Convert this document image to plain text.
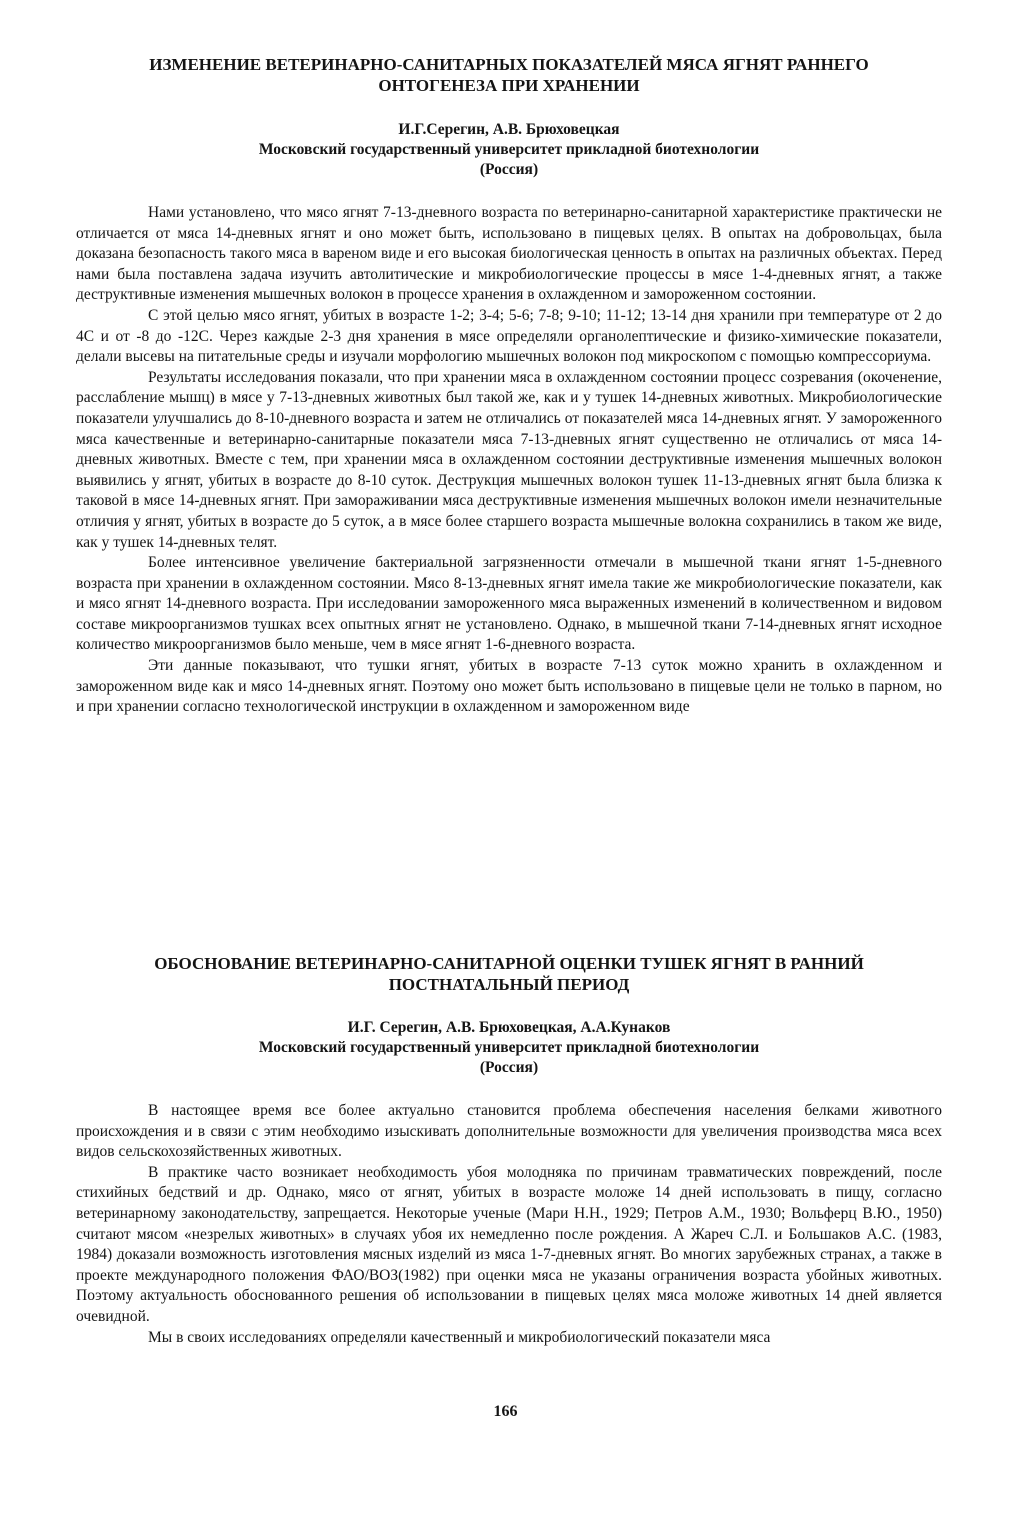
ИЗМЕНЕНИЕ ВЕТЕРИНАРНО-САНИТАРНЫХ ПОКАЗАТЕЛЕЙ МЯСА ЯГНЯТ РАННЕГО
ОНТОГЕНЕЗА ПРИ ХРАНЕНИИ
И.Г.Серегин, А.В. Брюховецкая
Московский государственный университет прикладной биотехнологии
(Россия)

Нами установлено, что мясо ягнят 7-13-дневного возраста по ветеринарно-санитарной характеристике практически не отличается от мяса 14-дневных ягнят и оно может быть, использовано в пищевых целях. В опытах на добровольцах, была доказана безопасность такого мяса в вареном виде и его высокая биологическая ценность в опытах на различных объектах. Перед нами была поставлена задача изучить автолитические и микробиологические процессы в мясе 1-4-дневных ягнят, а также деструктивные изменения мышечных волокон в процессе хранения в охлажденном и замороженном состоянии.

С этой целью мясо ягнят, убитых в возрасте 1-2; 3-4; 5-6; 7-8; 9-10; 11-12; 13-14 дня хранили при температуре от 2 до 4С и от -8 до -12С. Через каждые 2-3 дня хранения в мясе определяли органолептические и физико-химические показатели, делали высевы на питательные среды и изучали морфологию мышечных волокон под микроскопом с помощью компрессориума.

Результаты исследования показали, что при хранении мяса в охлажденном состоянии процесс созревания (окоченение, расслабление мышц) в мясе у 7-13-дневных животных был такой же, как и у тушек 14-дневных животных. Микробиологические показатели улучшались до 8-10-дневного возраста и затем не отличались от показателей мяса 14-дневных ягнят. У замороженного мяса качественные и ветеринарно-санитарные показатели мяса 7-13-дневных ягнят существенно не отличались от мяса 14-дневных животных. Вместе с тем, при хранении мяса в охлажденном состоянии деструктивные изменения мышечных волокон выявились у ягнят, убитых в возрасте до 8-10 суток. Деструкция мышечных волокон тушек 11-13-дневных ягнят была близка к таковой в мясе 14-дневных ягнят. При замораживании мяса деструктивные изменения мышечных волокон имели незначительные отличия у ягнят, убитых в возрасте до 5 суток, а в мясе более старшего возраста мышечные волокна сохранились в таком же виде, как у тушек 14-дневных телят.

Более интенсивное увеличение бактериальной загрязненности отмечали в мышечной ткани ягнят 1-5-дневного возраста при хранении в охлажденном состоянии. Мясо 8-13-дневных ягнят имела такие же микробиологические показатели, как и мясо ягнят 14-дневного возраста. При исследовании замороженного мяса выраженных изменений в количественном и видовом составе микроорганизмов тушках всех опытных ягнят не установлено. Однако, в мышечной ткани 7-14-дневных ягнят исходное количество микроорганизмов было меньше, чем в мясе ягнят 1-6-дневного возраста.

Эти данные показывают, что тушки ягнят, убитых в возрасте 7-13 суток можно хранить в охлажденном и замороженном виде как и мясо 14-дневных ягнят. Поэтому оно может быть использовано в пищевые цели не только в парном, но и при хранении согласно технологической инструкции в охлажденном и замороженном виде

ОБОСНОВАНИЕ ВЕТЕРИНАРНО-САНИТАРНОЙ ОЦЕНКИ ТУШЕК ЯГНЯТ В РАННИЙ
ПОСТНАТАЛЬНЫЙ ПЕРИОД
И.Г. Серегин, А.В. Брюховецкая, А.А.Кунаков
Московский государственный университет прикладной биотехнологии
(Россия)

В настоящее время все более актуально становится проблема обеспечения населения белками животного происхождения и в связи с этим необходимо изыскивать дополнительные возможности для увеличения производства мяса всех видов сельскохозяйственных животных.

В практике часто возникает необходимость убоя молодняка по причинам травматических повреждений, после стихийных бедствий и др. Однако, мясо от ягнят, убитых в возрасте моложе 14 дней использовать в пищу, согласно ветеринарному законодательству, запрещается. Некоторые ученые (Мари Н.Н., 1929; Петров А.М., 1930; Вольферц В.Ю., 1950) считают мясом «незрелых животных» в случаях убоя их немедленно после рождения. А Жареч С.Л. и Большаков А.С. (1983, 1984) доказали возможность изготовления мясных изделий из мяса 1-7-дневных ягнят. Во многих зарубежных странах, а также в проекте международного положения ФАО/ВОЗ(1982) при оценки мяса не указаны ограничения возраста убойных животных. Поэтому актуальность обоснованного решения об использовании в пищевых целях мяса моложе животных 14 дней является очевидной.

Мы в своих исследованиях определяли качественный и микробиологический показатели мяса

166
